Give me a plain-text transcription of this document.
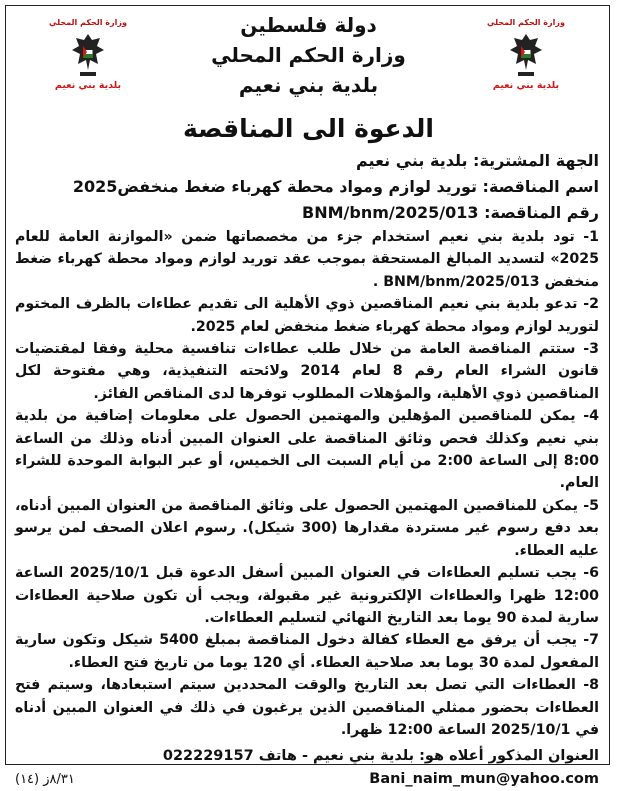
وزارة الحكم المحلي
بلدية بني نعيم
وزارة الحكم المحلي
بلدية بني نعيم
دولة فلسطين
وزارة الحكم المحلي
بلدية بني نعيم
الدعوة الى المناقصة

الجهة المشترية: بلدية بني نعيم

اسم المناقصة: توريد لوازم ومواد محطة كهرباء ضغط منخفض2025

رقم المناقصة: BNM/bnm/2025/013

1- تود بلدية بني نعيم استخدام جزء من مخصصاتها ضمن «الموازنة العامة للعام 2025» لتسديد المبالغ المستحقة بموجب عقد توريد لوازم ومواد محطة كهرباء ضغط منخفض BNM/bnm/2025/013 .

2- تدعو بلدية بني نعيم المناقصين ذوي الأهلية الى تقديم عطاءات بالظرف المختوم لتوريد لوازم ومواد محطة كهرباء ضغط منخفض لعام 2025.

3- ستتم المناقصة العامة من خلال طلب عطاءات تنافسية محلية وفقا لمقتضيات قانون الشراء العام رقم 8 لعام 2014 ولائحته التنفيذية، وهي مفتوحة لكل المناقصين ذوي الأهلية، والمؤهلات المطلوب توفرها لدى المناقص الفائز.

4- يمكن للمناقصين المؤهلين والمهتمين الحصول على معلومات إضافية من بلدية بني نعيم وكذلك فحص وثائق المناقصة على العنوان المبين أدناه وذلك من الساعة 8:00 إلى الساعة 2:00 من أيام السبت الى الخميس، أو عبر البوابة الموحدة للشراء العام.

5- يمكن للمناقصين المهتمين الحصول على وثائق المناقصة من العنوان المبين أدناه، بعد دفع رسوم غير مستردة مقدارها (300 شيكل). رسوم اعلان الصحف لمن يرسو عليه العطاء.

6- يجب تسليم العطاءات في العنوان المبين أسفل الدعوة قبل 2025/10/1 الساعة 12:00 ظهرا والعطاءات الإلكترونية غير مقبولة، ويجب أن تكون صلاحية العطاءات سارية لمدة 90 يوما بعد التاريخ النهائي لتسليم العطاءات.

7- يجب أن يرفق مع العطاء كفالة دخول المناقصة بمبلغ 5400 شيكل وتكون سارية المفعول لمدة 30 يوما بعد صلاحية العطاء. أي 120 يوما من تاريخ فتح العطاء.

8- العطاءات التي تصل بعد التاريخ والوقت المحددين سيتم استبعادها، وسيتم فتح العطاءات بحضور ممثلي المناقصين الذين يرغبون في ذلك في العنوان المبين أدناه في 2025/10/1 الساعة 12:00 ظهرا.

العنوان المذكور أعلاه هو: بلدية بني نعيم - هاتف 022229157
Bani_naim_mun@yahoo.com
(١٤) ٨/٣١ز
